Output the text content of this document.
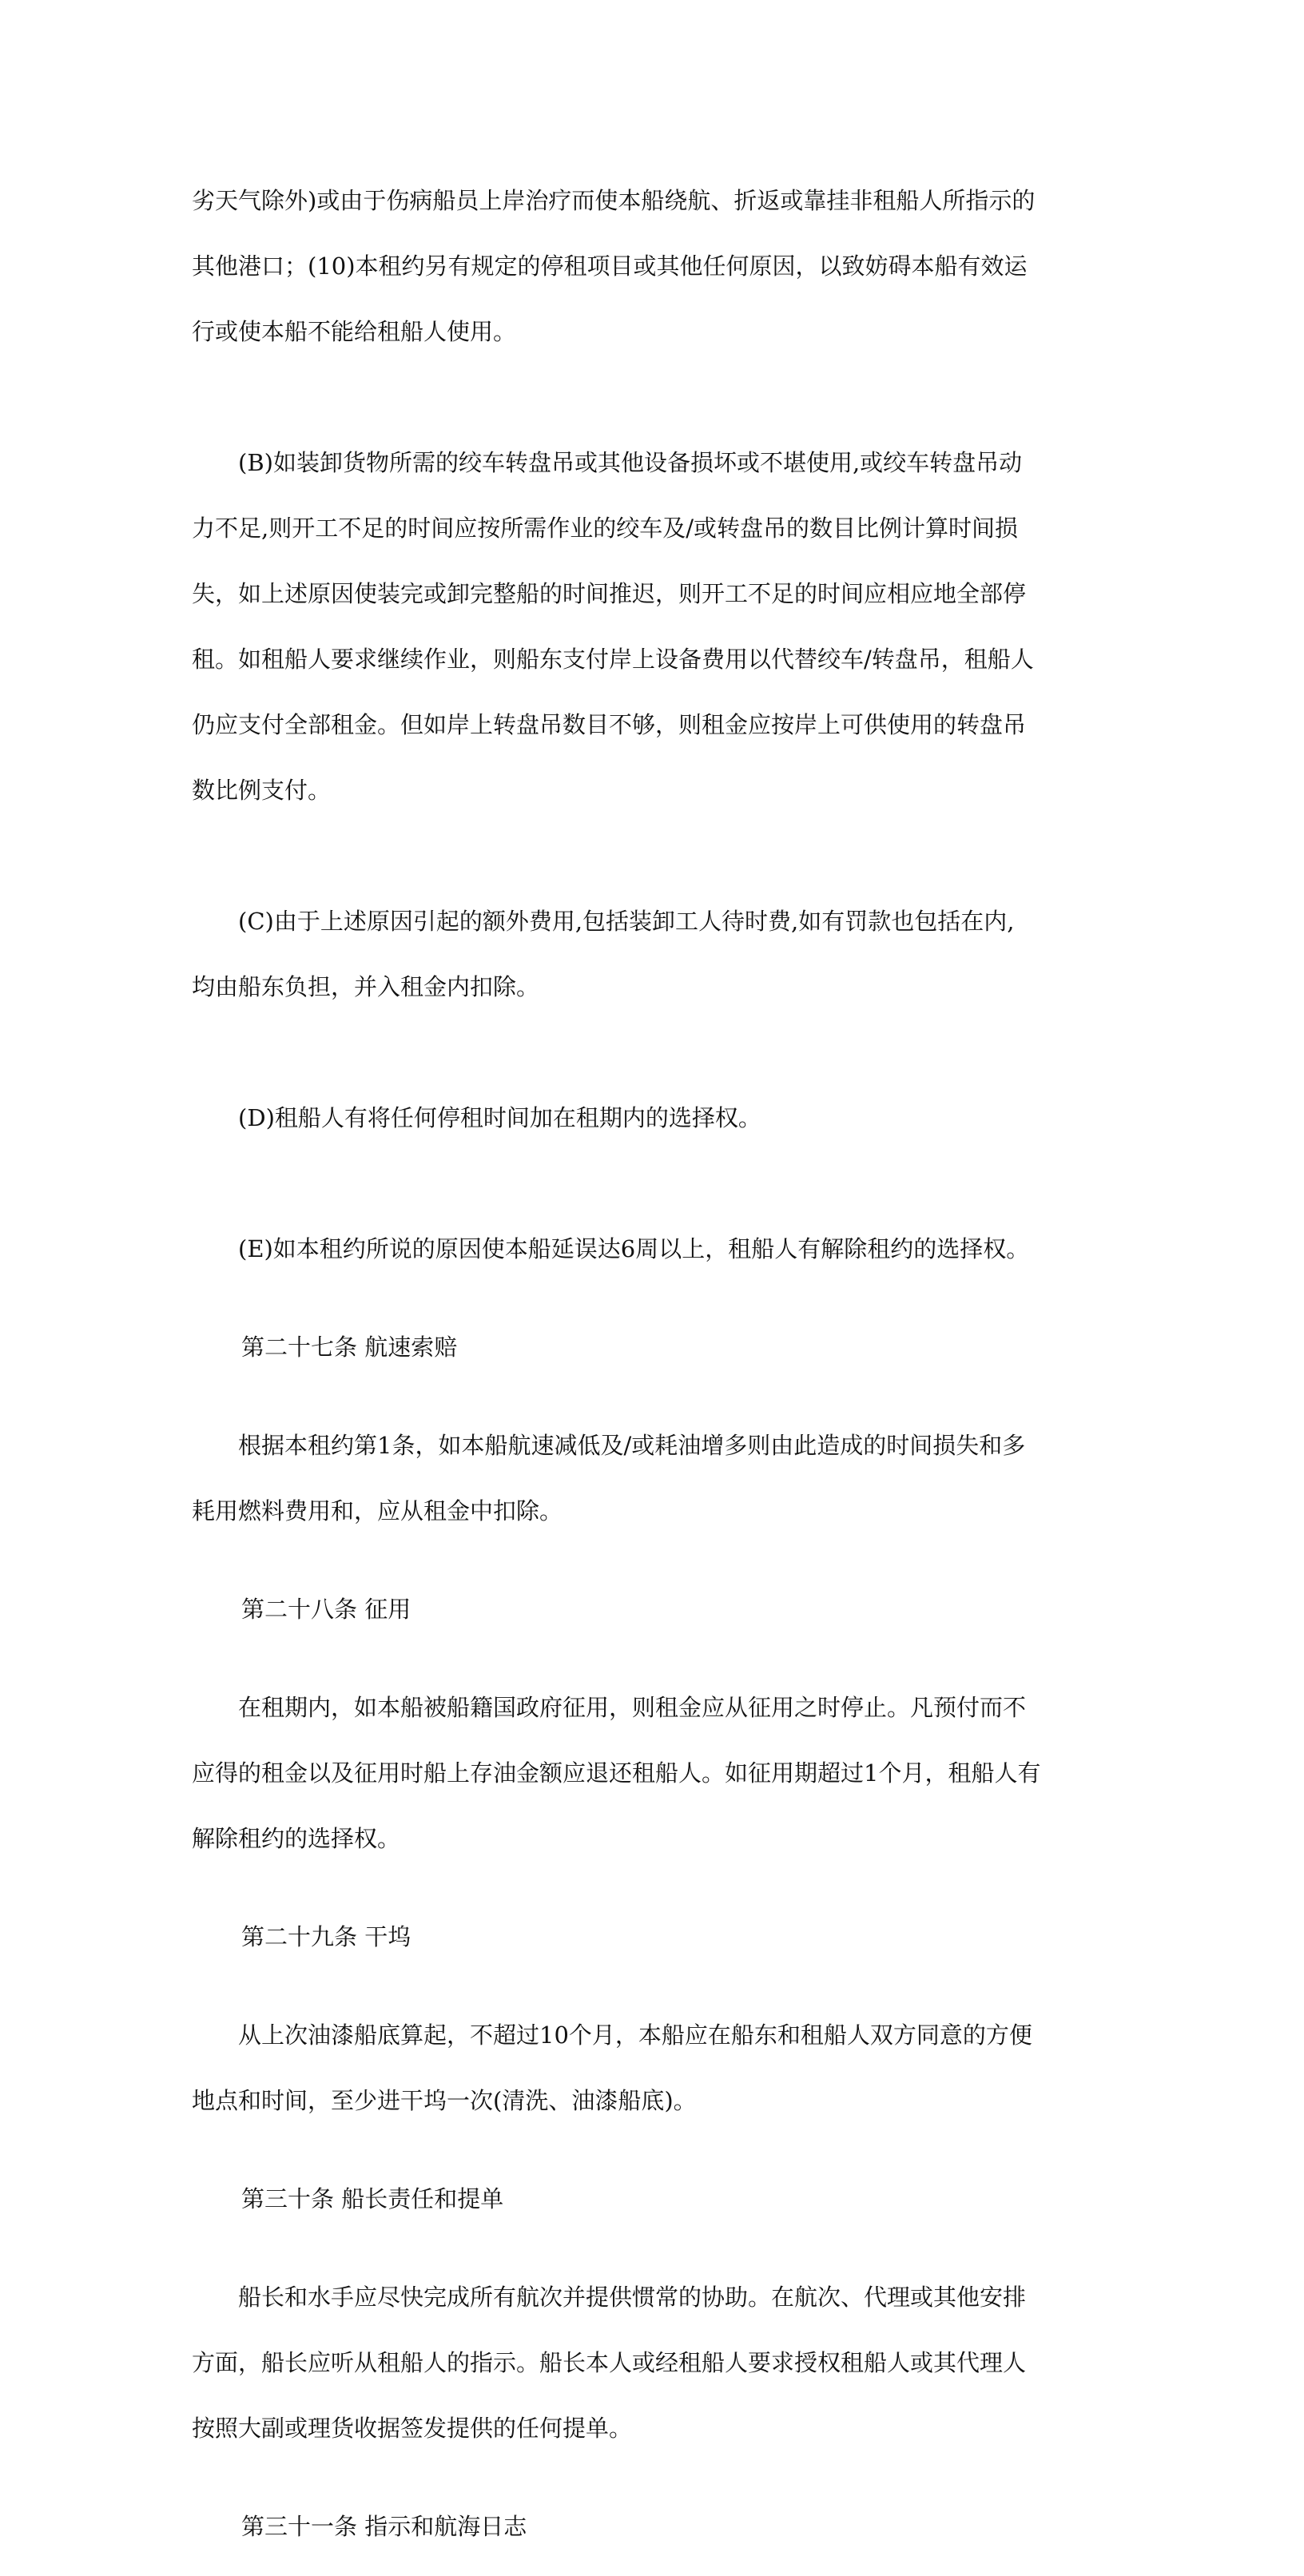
劣天气除外)或由于伤病船员上岸治疗而使本船绕航、折返或靠挂非租船人所指示的

其他港口；(10)本租约另有规定的停租项目或其他任何原因，以致妨碍本船有效运

行或使本船不能给租船人使用。

　　(B)如装卸货物所需的绞车转盘吊或其他设备损坏或不堪使用,或绞车转盘吊动

力不足,则开工不足的时间应按所需作业的绞车及/或转盘吊的数目比例计算时间损

失，如上述原因使装完或卸完整船的时间推迟，则开工不足的时间应相应地全部停

租。如租船人要求继续作业，则船东支付岸上设备费用以代替绞车/转盘吊，租船人

仍应支付全部租金。但如岸上转盘吊数目不够，则租金应按岸上可供使用的转盘吊

数比例支付。

　　(C)由于上述原因引起的额外费用,包括装卸工人待时费,如有罚款也包括在内,

均由船东负担，并入租金内扣除。

　　(D)租船人有将任何停租时间加在租期内的选择权。

　　(E)如本租约所说的原因使本船延误达6周以上，租船人有解除租约的选择权。

第二十七条 航速索赔

　　根据本租约第1条，如本船航速减低及/或耗油增多则由此造成的时间损失和多

耗用燃料费用和，应从租金中扣除。

第二十八条 征用

　　在租期内，如本船被船籍国政府征用，则租金应从征用之时停止。凡预付而不

应得的租金以及征用时船上存油金额应退还租船人。如征用期超过1个月，租船人有

解除租约的选择权。

第二十九条 干坞

　　从上次油漆船底算起，不超过10个月，本船应在船东和租船人双方同意的方便

地点和时间，至少进干坞一次(清洗、油漆船底)。

第三十条 船长责任和提单

　　船长和水手应尽快完成所有航次并提供惯常的协助。在航次、代理或其他安排

方面，船长应听从租船人的指示。船长本人或经租船人要求授权租船人或其代理人

按照大副或理货收据签发提供的任何提单。

第三十一条 指示和航海日志
